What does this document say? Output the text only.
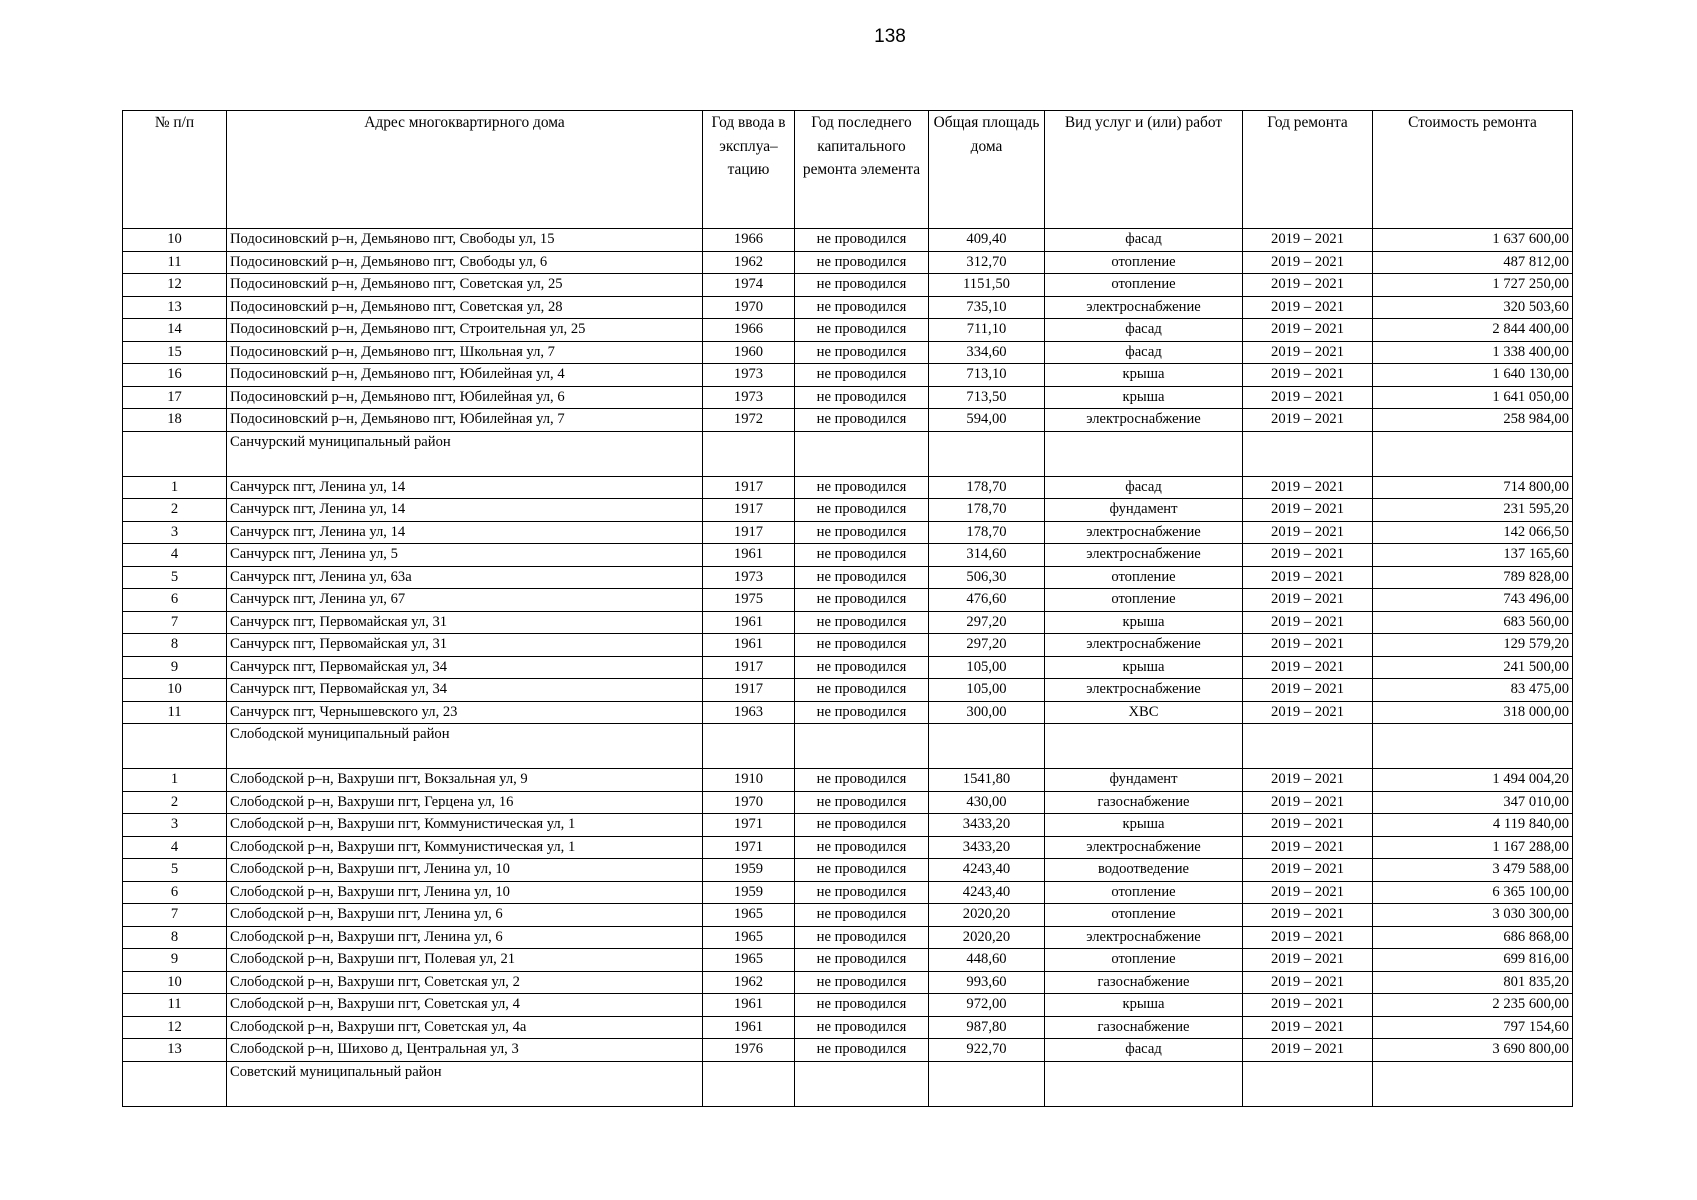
138
№ п/п	Адрес многоквартирного дома	Год ввода в эксплуа–тацию	Год последнего капитального ремонта элемента	Общая площадь дома	Вид услуг и (или) работ	Год ремонта	Стоимость ремонта
10	Подосиновский р–н, Демьяново пгт, Свободы ул, 15	1966	не проводился	409,40	фасад	2019 – 2021	1 637 600,00
11	Подосиновский р–н, Демьяново пгт, Свободы ул, 6	1962	не проводился	312,70	отопление	2019 – 2021	487 812,00
12	Подосиновский р–н, Демьяново пгт, Советская ул, 25	1974	не проводился	1151,50	отопление	2019 – 2021	1 727 250,00
13	Подосиновский р–н, Демьяново пгт, Советская ул, 28	1970	не проводился	735,10	электроснабжение	2019 – 2021	320 503,60
14	Подосиновский р–н, Демьяново пгт, Строительная ул, 25	1966	не проводился	711,10	фасад	2019 – 2021	2 844 400,00
15	Подосиновский р–н, Демьяново пгт, Школьная ул, 7	1960	не проводился	334,60	фасад	2019 – 2021	1 338 400,00
16	Подосиновский р–н, Демьяново пгт, Юбилейная ул, 4	1973	не проводился	713,10	крыша	2019 – 2021	1 640 130,00
17	Подосиновский р–н, Демьяново пгт, Юбилейная ул, 6	1973	не проводился	713,50	крыша	2019 – 2021	1 641 050,00
18	Подосиновский р–н, Демьяново пгт, Юбилейная ул, 7	1972	не проводился	594,00	электроснабжение	2019 – 2021	258 984,00
	Санчурский муниципальный район						
1	Санчурск пгт, Ленина ул, 14	1917	не проводился	178,70	фасад	2019 – 2021	714 800,00
2	Санчурск пгт, Ленина ул, 14	1917	не проводился	178,70	фундамент	2019 – 2021	231 595,20
3	Санчурск пгт, Ленина ул, 14	1917	не проводился	178,70	электроснабжение	2019 – 2021	142 066,50
4	Санчурск пгт, Ленина ул, 5	1961	не проводился	314,60	электроснабжение	2019 – 2021	137 165,60
5	Санчурск пгт, Ленина ул, 63а	1973	не проводился	506,30	отопление	2019 – 2021	789 828,00
6	Санчурск пгт, Ленина ул, 67	1975	не проводился	476,60	отопление	2019 – 2021	743 496,00
7	Санчурск пгт, Первомайская ул, 31	1961	не проводился	297,20	крыша	2019 – 2021	683 560,00
8	Санчурск пгт, Первомайская ул, 31	1961	не проводился	297,20	электроснабжение	2019 – 2021	129 579,20
9	Санчурск пгт, Первомайская ул, 34	1917	не проводился	105,00	крыша	2019 – 2021	241 500,00
10	Санчурск пгт, Первомайская ул, 34	1917	не проводился	105,00	электроснабжение	2019 – 2021	83 475,00
11	Санчурск пгт, Чернышевского ул, 23	1963	не проводился	300,00	ХВС	2019 – 2021	318 000,00
	Слободской муниципальный район						
1	Слободской р–н, Вахруши пгт, Вокзальная ул, 9	1910	не проводился	1541,80	фундамент	2019 – 2021	1 494 004,20
2	Слободской р–н, Вахруши пгт, Герцена ул, 16	1970	не проводился	430,00	газоснабжение	2019 – 2021	347 010,00
3	Слободской р–н, Вахруши пгт, Коммунистическая ул, 1	1971	не проводился	3433,20	крыша	2019 – 2021	4 119 840,00
4	Слободской р–н, Вахруши пгт, Коммунистическая ул, 1	1971	не проводился	3433,20	электроснабжение	2019 – 2021	1 167 288,00
5	Слободской р–н, Вахруши пгт, Ленина ул, 10	1959	не проводился	4243,40	водоотведение	2019 – 2021	3 479 588,00
6	Слободской р–н, Вахруши пгт, Ленина ул, 10	1959	не проводился	4243,40	отопление	2019 – 2021	6 365 100,00
7	Слободской р–н, Вахруши пгт, Ленина ул, 6	1965	не проводился	2020,20	отопление	2019 – 2021	3 030 300,00
8	Слободской р–н, Вахруши пгт, Ленина ул, 6	1965	не проводился	2020,20	электроснабжение	2019 – 2021	686 868,00
9	Слободской р–н, Вахруши пгт, Полевая ул, 21	1965	не проводился	448,60	отопление	2019 – 2021	699 816,00
10	Слободской р–н, Вахруши пгт, Советская ул, 2	1962	не проводился	993,60	газоснабжение	2019 – 2021	801 835,20
11	Слободской р–н, Вахруши пгт, Советская ул, 4	1961	не проводился	972,00	крыша	2019 – 2021	2 235 600,00
12	Слободской р–н, Вахруши пгт, Советская ул, 4а	1961	не проводился	987,80	газоснабжение	2019 – 2021	797 154,60
13	Слободской р–н, Шихово д, Центральная ул, 3	1976	не проводился	922,70	фасад	2019 – 2021	3 690 800,00
	Советский муниципальный район						
